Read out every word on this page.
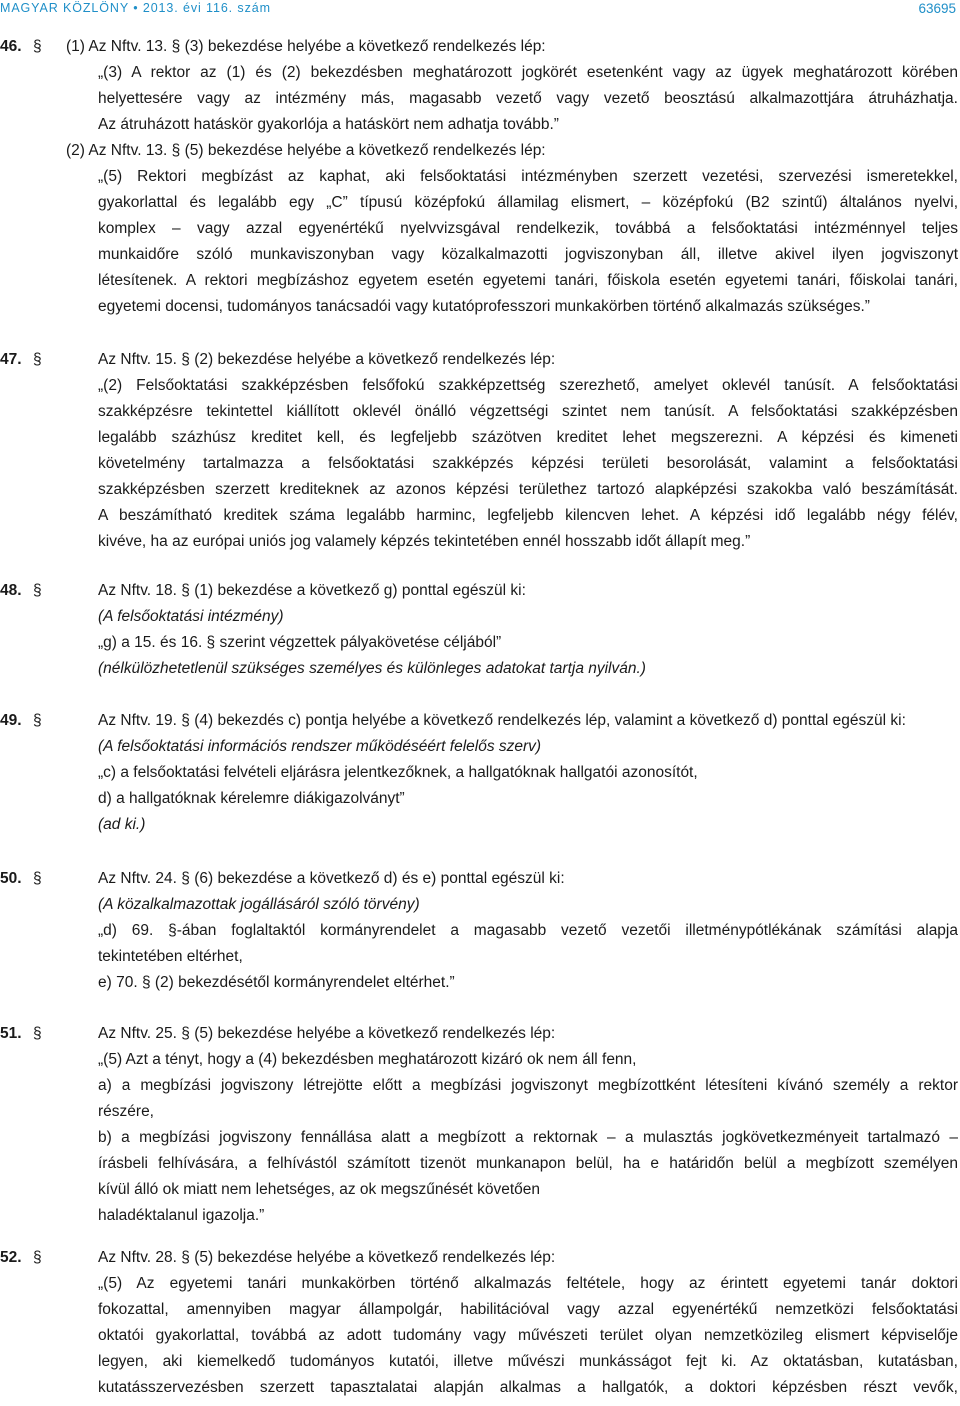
MAGYAR KÖZLÖNY • 2013. évi 116. szám	63695
46. § (1) Az Nftv. 13. § (3) bekezdése helyébe a következő rendelkezés lép:
„(3) A rektor az (1) és (2) bekezdésben meghatározott jogkörét esetenként vagy az ügyek meghatározott körében
helyettesére vagy az intézmény más, magasabb vezető vagy vezető beosztású alkalmazottjára átruházhatja.
Az átruházott hatáskör gyakorlója a hatáskört nem adhatja tovább.”
(2) Az Nftv. 13. § (5) bekezdése helyébe a következő rendelkezés lép:
„(5) Rektori megbízást az kaphat, aki felsőoktatási intézményben szerzett vezetési, szervezési ismeretekkel,
gyakorlattal és legalább egy „C” típusú középfokú államilag elismert, – középfokú (B2 szintű) általános nyelvi,
komplex – vagy azzal egyenértékű nyelvvizsgával rendelkezik, továbbá a felsőoktatási intézménnyel teljes
munkaidőre szóló munkaviszonyban vagy közalkalmazotti jogviszonyban áll, illetve akivel ilyen jogviszonyt
létesítenek. A rektori megbízáshoz egyetem esetén egyetemi tanári, főiskola esetén egyetemi tanári, főiskolai tanári,
egyetemi docensi, tudományos tanácsadói vagy kutatóprofesszori munkakörben történő alkalmazás szükséges.”
47. §	Az Nftv. 15. § (2) bekezdése helyébe a következő rendelkezés lép:
„(2) Felsőoktatási szakképzésben felsőfokú szakképzettség szerezhető, amelyet oklevél tanúsít. A felsőoktatási
szakképzésre tekintettel kiállított oklevél önálló végzettségi szintet nem tanúsít. A felsőoktatási szakképzésben
legalább százhúsz kreditet kell, és legfeljebb százötven kreditet lehet megszerezni. A képzési és kimeneti
követelmény tartalmazza a felsőoktatási szakképzés képzési területi besorolását, valamint a felsőoktatási
szakképzésben szerzett krediteknek az azonos képzési területhez tartozó alapképzési szakokba való beszámítását.
A beszámítható kreditek száma legalább harminc, legfeljebb kilencven lehet. A képzési idő legalább négy félév,
kivéve, ha az európai uniós jog valamely képzés tekintetében ennél hosszabb időt állapít meg.”
48. §	Az Nftv. 18. § (1) bekezdése a következő g) ponttal egészül ki:
(A felsőoktatási intézmény)
„g) a 15. és 16. § szerint végzettek pályakövetése céljából”
(nélkülözhetetlenül szükséges személyes és különleges adatokat tartja nyilván.)
49. §	Az Nftv. 19. § (4) bekezdés c) pontja helyébe a következő rendelkezés lép, valamint a következő d) ponttal egészül ki:
(A felsőoktatási információs rendszer működéséért felelős szerv)
„c) a felsőoktatási felvételi eljárásra jelentkezőknek, a hallgatóknak hallgatói azonosítót,
d) a hallgatóknak kérelemre diákigazolványt”
(ad ki.)
50. §	Az Nftv. 24. § (6) bekezdése a következő d) és e) ponttal egészül ki:
(A közalkalmazottak jogállásáról szóló törvény)
„d) 69. §-ában foglaltaktól kormányrendelet a magasabb vezető vezetői illetménypótlékának számítási alapja
tekintetében eltérhet,
e) 70. § (2) bekezdésétől kormányrendelet eltérhet.”
51. §	Az Nftv. 25. § (5) bekezdése helyébe a következő rendelkezés lép:
„(5) Azt a tényt, hogy a (4) bekezdésben meghatározott kizáró ok nem áll fenn,
a) a megbízási jogviszony létrejötte előtt a megbízási jogviszonyt megbízottként létesíteni kívánó személy a rektor
részére,
b) a megbízási jogviszony fennállása alatt a megbízott a rektornak – a mulasztás jogkövetkezményeit tartalmazó –
írásbeli felhívására, a felhívástól számított tizenöt munkanapon belül, ha e határidőn belül a megbízott személyen
kívül álló ok miatt nem lehetséges, az ok megszűnését követően
haladéktalanul igazolja.”
52. §	Az Nftv. 28. § (5) bekezdése helyébe a következő rendelkezés lép:
„(5) Az egyetemi tanári munkakörben történő alkalmazás feltétele, hogy az érintett egyetemi tanár doktori
fokozattal, amennyiben magyar állampolgár, habilitációval vagy azzal egyenértékű nemzetközi felsőoktatási
oktatói gyakorlattal, továbbá az adott tudomány vagy művészeti terület olyan nemzetközileg elismert képviselője
legyen, aki kiemelkedő tudományos kutatói, illetve művészi munkásságot fejt ki. Az oktatásban, kutatásban,
kutatásszervezésben szerzett tapasztalatai alapján alkalmas a hallgatók, a doktori képzésben részt vevők,
